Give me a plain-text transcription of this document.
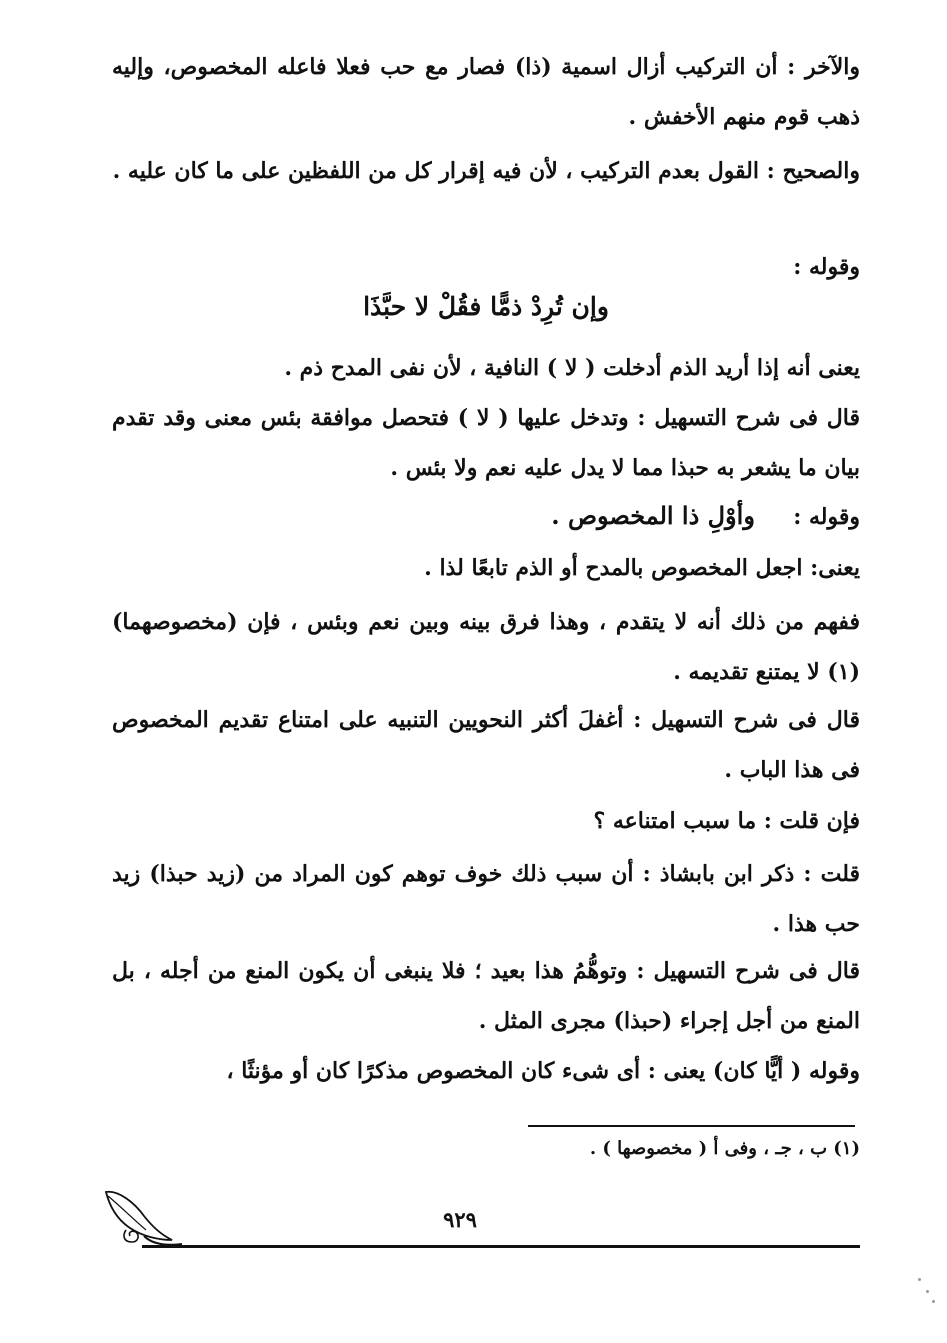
والآخر : أن التركيب أزال اسمية (ذا) فصار مع حب فعلا فاعله المخصوص، وإليه ذهب قوم منهم الأخفش .

والصحيح : القول بعدم التركيب ، لأن فيه إقرار كل من اللفظين على ما كان عليه .

وقوله :

وإن تُرِدْ ذمًّا فقُلْ لا حبَّذَا

يعنى أنه إذا أريد الذم أدخلت ( لا ) النافية ، لأن نفى المدح ذم .

قال فى شرح التسهيل : وتدخل عليها ( لا ) فتحصل موافقة بئس معنى وقد تقدم بيان ما يشعر به حبذا مما لا يدل عليه نعم ولا بئس .

وقوله :     وأوْلِ ذا المخصوص .

يعنى: اجعل المخصوص بالمدح أو الذم تابعًا لذا .

ففهم من ذلك أنه لا يتقدم ، وهذا فرق بينه وبين نعم وبئس ، فإن (مخصوصهما)(١) لا يمتنع تقديمه .

قال فى شرح التسهيل : أغفلَ أكثر النحويين التنبيه على امتناع تقديم المخصوص فى هذا الباب .

فإن قلت : ما سبب امتناعه ؟

قلت : ذكر ابن بابشاذ : أن سبب ذلك خوف توهم كون المراد من (زيد حبذا) زيد حب هذا .

قال فى شرح التسهيل : وتوهُّمُ هذا بعيد ؛ فلا ينبغى أن يكون المنع من أجله ، بل المنع من أجل إجراء (حبذا) مجرى المثل .

وقوله ( أيًّا كان) يعنى : أى شىء كان المخصوص مذكرًا كان أو مؤنثًا ،

(١) ب ، جـ ، وفى أ ( مخصوصها ) .

٩٢٩
